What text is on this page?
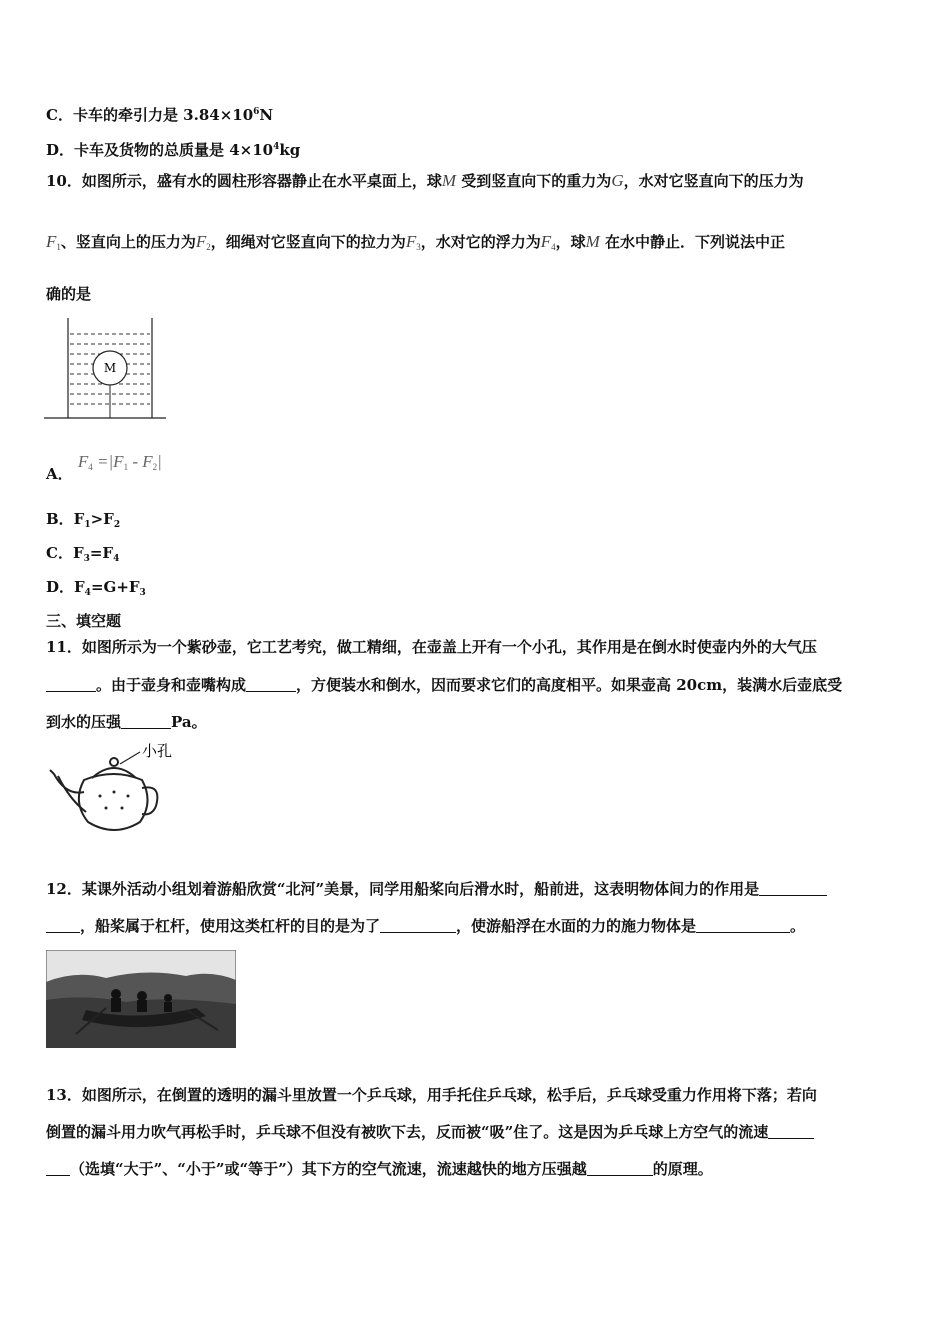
C．卡车的牵引力是 $3.84\times 10^6N$
D．卡车及货物的总质量是 $4\times 10^4kg$
10．如图所示，盛有水的圆柱形容器静止在水平桌面上，球M 受到竖直向下的重力为G，水对它竖直向下的压力为
$F_1$、竖直向上的压力为$F_2$，细绳对它竖直向下的拉力为$F_3$，水对它的浮力为$F_4$，球M 在水中静止．下列说法中正
确的是
M
A． $F_4 =|F_1 - F_2|$
B．$F_1>F_2$
C．$F_3=F_4$
D．$F_4=G+F_3$
三、填空题
11．如图所示为一个紫砂壶，它工艺考究，做工精细，在壶盖上开有一个小孔，其作用是在倒水时使壶内外的大气压
。由于壶身和壶嘴构成	，方便装水和倒水，因而要求它们的高度相平。如果壶高 20cm，装满水后壶底受
到水的压强	Pa。
小孔
12．某课外活动小组划着游船欣赏“北河”美景，同学用船桨向后滑水时，船前进，这表明物体间力的作用是
，船桨属于杠杆，使用这类杠杆的目的是为了	，使游船浮在水面的力的施力物体是	。
13．如图所示，在倒置的透明的漏斗里放置一个乒乓球，用手托住乒乓球，松手后，乒乓球受重力作用将下落；若向
倒置的漏斗用力吹气再松手时，乒乓球不但没有被吹下去，反而被“吸”住了。这是因为乒乓球上方空气的流速
（选填“大于”、“小于”或“等于”）其下方的空气流速，流速越快的地方压强越	的原理。
